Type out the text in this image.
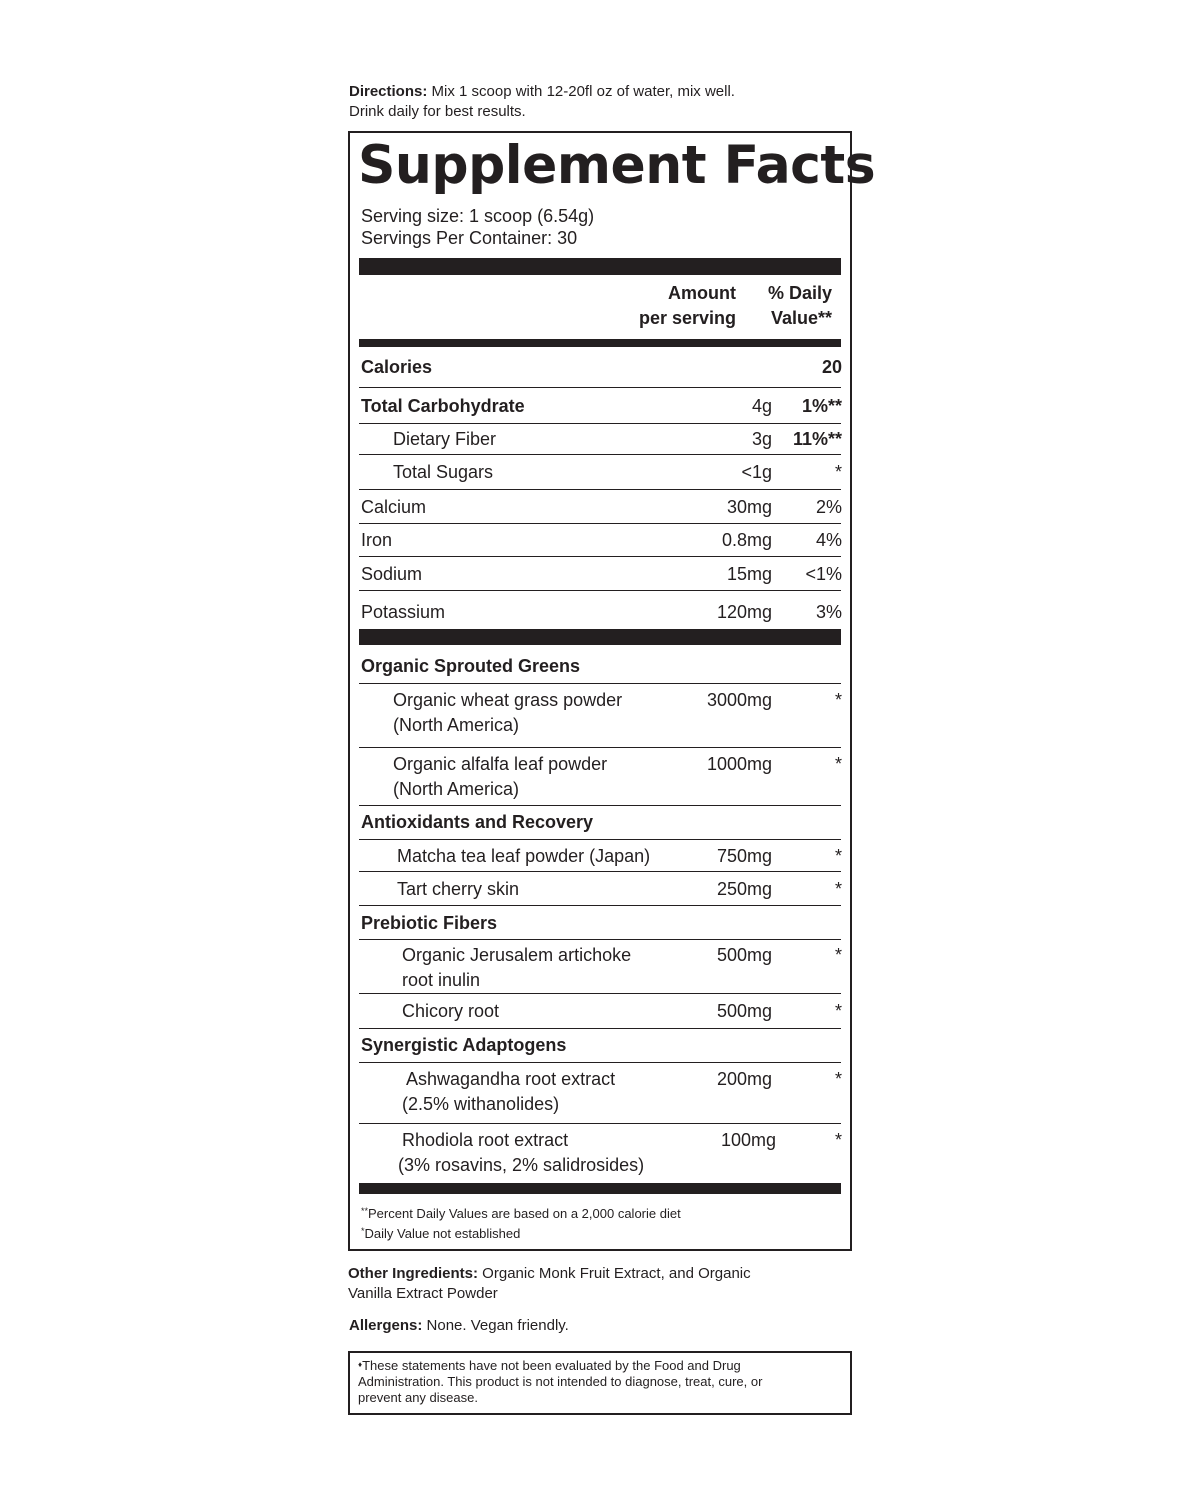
Directions: Mix 1 scoop with 12-20fl oz of water, mix well.
Drink daily for best results.
Supplement Facts
Serving size: 1 scoop (6.54g)
Servings Per Container: 30
Amount
per serving
% Daily
Value**
Calories	20
Total Carbohydrate	4g 1%**
Dietary Fiber	3g 11%**
Total Sugars	<1g	*
Calcium	30mg 2%
Iron	0.8mg 4%
Sodium	15mg <1%
Potassium	120mg 3%
Organic Sprouted Greens
Organic wheat grass powder
(North America)
3000mg	*
Organic alfalfa leaf powder
(North America)
1000mg	*
Antioxidants and Recovery
Matcha tea leaf powder (Japan)	750mg	*
Tart cherry skin	250mg	*
Prebiotic Fibers
Organic Jerusalem artichoke
root inulin
500mg	*
Chicory root	500mg	*
Synergistic Adaptogens
Ashwagandha root extract
(2.5% withanolides)
200mg	*
Rhodiola root extract
(3% rosavins, 2% salidrosides)
100mg	*
**Percent Daily Values are based on a 2,000 calorie diet
*Daily Value not established
Other Ingredients: Organic Monk Fruit Extract, and Organic
Vanilla Extract Powder
Allergens: None. Vegan friendly.
♦These statements have not been evaluated by the Food and Drug
Administration. This product is not intended to diagnose, treat, cure, or
prevent any disease.
